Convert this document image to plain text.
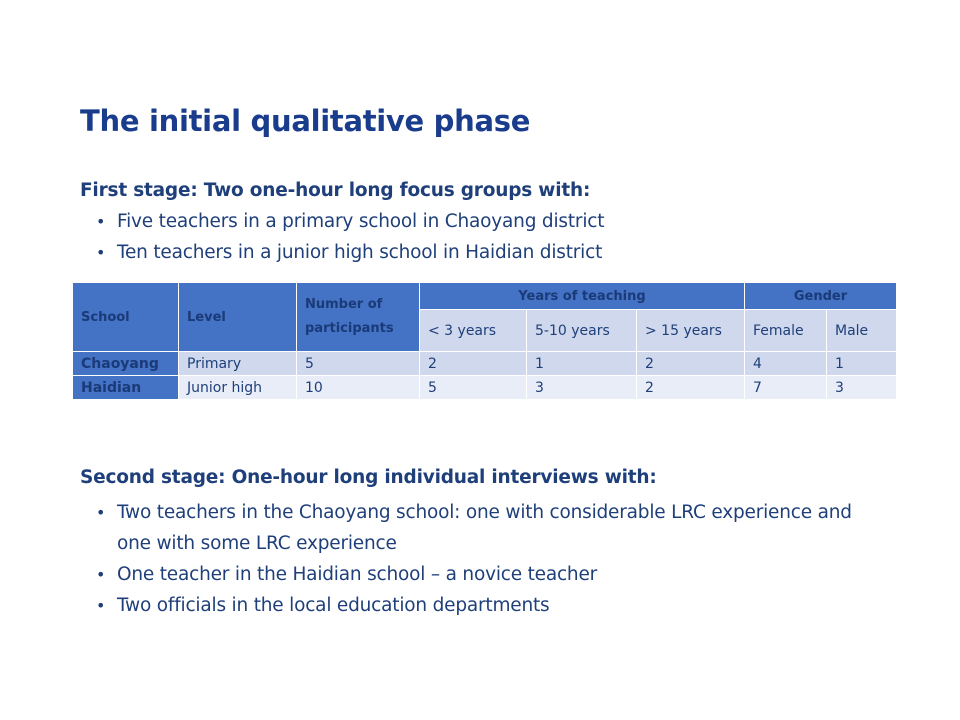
The initial qualitative phase

First stage: Two one-hour long focus groups with:

• Five teachers in a primary school in Chaoyang district
• Ten teachers in a junior high school in Haidian district
School	Level	Number of participants	Years of teaching			Gender	
			< 3 years	5-10 years	> 15 years	Female	Male
Chaoyang	Primary	5	2	1	2	4	1
Haidian	Junior high	10	5	3	2	7	3

Second stage: One-hour long individual interviews with:

• Two teachers in the Chaoyang school: one with considerable LRC experience and one with some LRC experience
• One teacher in the Haidian school – a novice teacher
• Two officials in the local education departments
